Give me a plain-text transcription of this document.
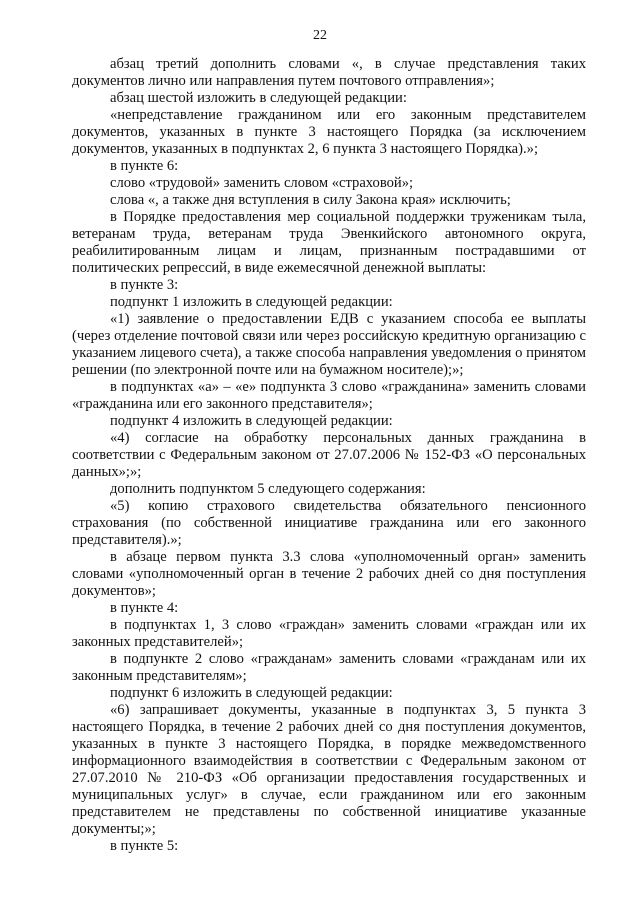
22

абзац третий дополнить словами «, в случае представления таких документов лично или направления путем почтового отправления»;

абзац шестой изложить в следующей редакции:

«непредставление гражданином или его законным представителем документов, указанных в пункте 3 настоящего Порядка (за исключением документов, указанных в подпунктах 2, 6 пункта 3 настоящего Порядка).»;

в пункте 6:

слово «трудовой» заменить словом «страховой»;

слова «, а также дня вступления в силу Закона края» исключить;

в Порядке предоставления мер социальной поддержки труженикам тыла, ветеранам труда, ветеранам труда Эвенкийского автономного округа, реабилитированным лицам и лицам, признанным пострадавшими от политических репрессий, в виде ежемесячной денежной выплаты:

в пункте 3:

подпункт 1 изложить в следующей редакции:

«1) заявление о предоставлении ЕДВ с указанием способа ее выплаты (через отделение почтовой связи или через российскую кредитную организацию с указанием лицевого счета), а также способа направления уведомления о принятом решении (по электронной почте или на бумажном носителе);»;

в подпунктах «а» – «е» подпункта 3 слово «гражданина» заменить словами «гражданина или его законного представителя»;

подпункт 4 изложить в следующей редакции:

«4) согласие на обработку персональных данных гражданина в соответствии с Федеральным законом от 27.07.2006 № 152-ФЗ «О персональных данных»;»;

дополнить подпунктом 5 следующего содержания:

«5) копию страхового свидетельства обязательного пенсионного страхования (по собственной инициативе гражданина или его законного представителя).»;

в абзаце первом пункта 3.3 слова «уполномоченный орган» заменить словами «уполномоченный орган в течение 2 рабочих дней со дня поступления документов»;

в пункте 4:

в подпунктах 1, 3 слово «граждан» заменить словами «граждан или их законных представителей»;

в подпункте 2 слово «гражданам» заменить словами «гражданам или их законным представителям»;

подпункт 6 изложить в следующей редакции:

«6) запрашивает документы, указанные в подпунктах 3, 5 пункта 3 настоящего Порядка, в течение 2 рабочих дней со дня поступления документов, указанных в пункте 3 настоящего Порядка, в порядке межведомственного информационного взаимодействия в соответствии с Федеральным законом от 27.07.2010 № 210-ФЗ «Об организации предоставления государственных и муниципальных услуг» в случае, если гражданином или его законным представителем не представлены по собственной инициативе указанные документы;»;

в пункте 5:
